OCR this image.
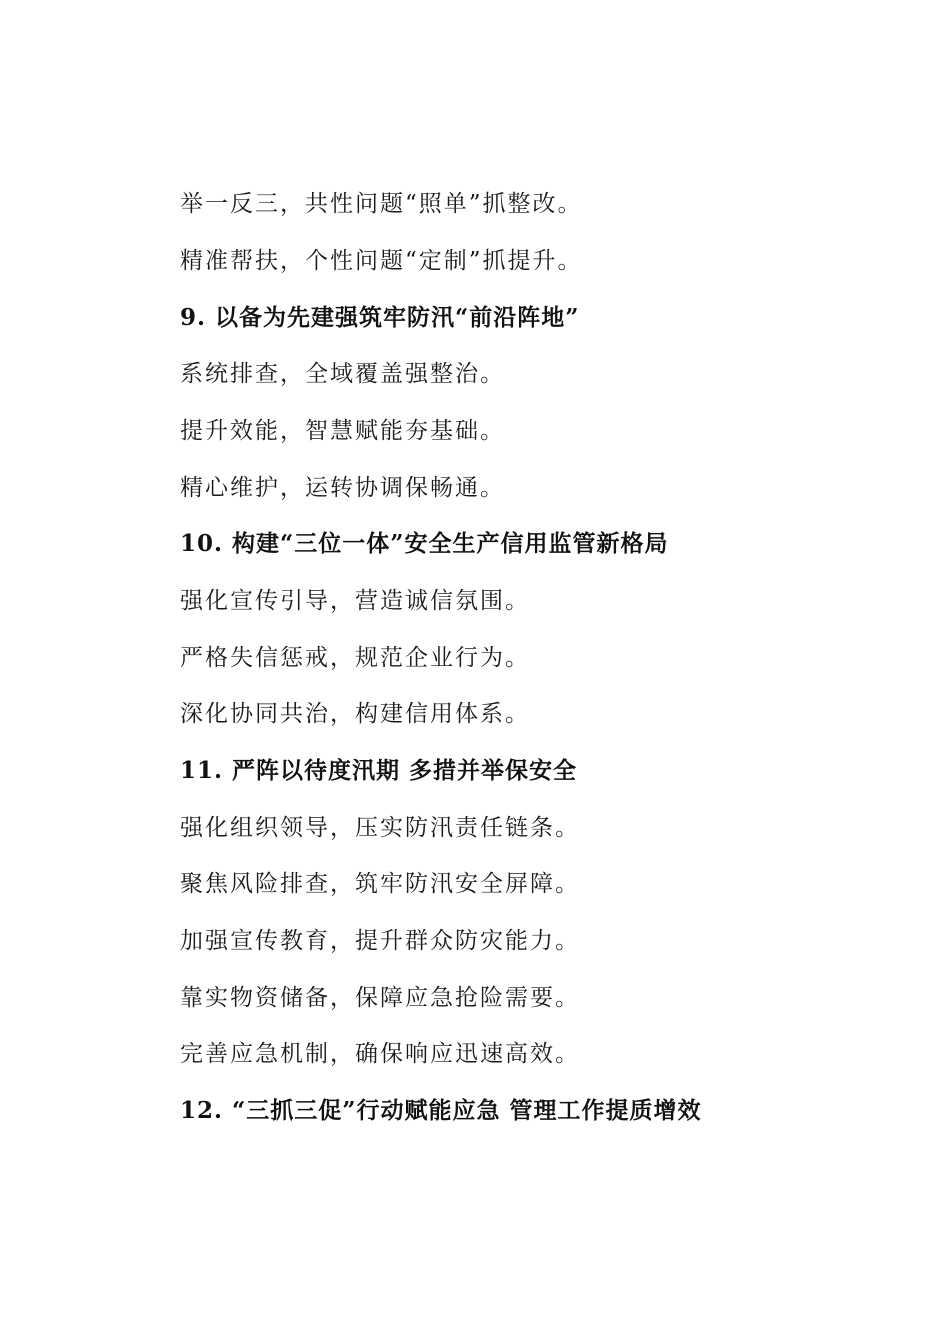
举一反三，共性问题“照单”抓整改。
精准帮扶，个性问题“定制”抓提升。
9. 以备为先建强筑牢防汛“前沿阵地”
系统排查，全域覆盖强整治。
提升效能，智慧赋能夯基础。
精心维护，运转协调保畅通。
10. 构建“三位一体”安全生产信用监管新格局
强化宣传引导，营造诚信氛围。
严格失信惩戒，规范企业行为。
深化协同共治，构建信用体系。
11. 严阵以待度汛期 多措并举保安全
强化组织领导，压实防汛责任链条。
聚焦风险排查，筑牢防汛安全屏障。
加强宣传教育，提升群众防灾能力。
靠实物资储备，保障应急抢险需要。
完善应急机制，确保响应迅速高效。
12. “三抓三促”行动赋能应急 管理工作提质增效
